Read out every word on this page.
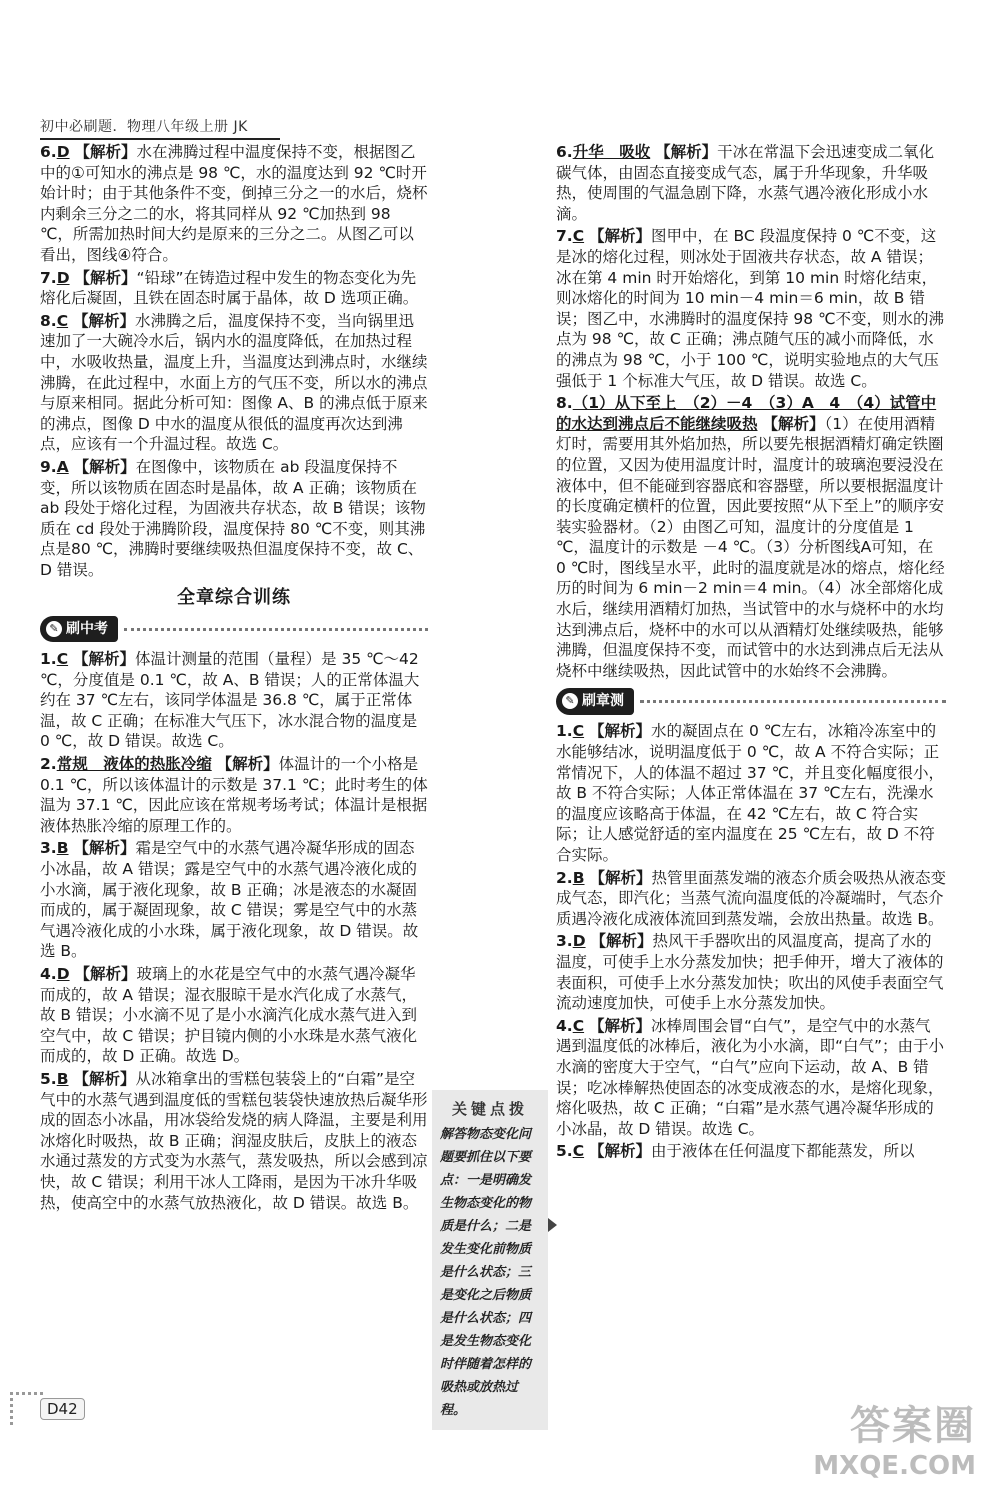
初中必刷题．物理八年级上册 JK
6.D 【解析】水在沸腾过程中温度保持不变，根据图乙中的①可知水的沸点是 98 ℃，水的温度达到 92 ℃时开始计时；由于其他条件不变，倒掉三分之一的水后，烧杯内剩余三分之二的水，将其同样从 92 ℃加热到 98 ℃，所需加热时间大约是原来的三分之二。从图乙可以看出，图线④符合。
7.D 【解析】“铅球”在铸造过程中发生的物态变化为先熔化后凝固，且铁在固态时属于晶体，故 D 选项正确。
8.C 【解析】水沸腾之后，温度保持不变，当向锅里迅速加了一大碗冷水后，锅内水的温度降低，在加热过程中，水吸收热量，温度上升，当温度达到沸点时，水继续沸腾，在此过程中，水面上方的气压不变，所以水的沸点与原来相同。据此分析可知：图像 A、B 的沸点低于原来的沸点，图像 D 中水的温度从很低的温度再次达到沸点，应该有一个升温过程。故选 C。
9.A 【解析】在图像中，该物质在 ab 段温度保持不变，所以该物质在固态时是晶体，故 A 正确；该物质在 ab 段处于熔化过程，为固液共存状态，故 B 错误；该物质在 cd 段处于沸腾阶段，温度保持 80 ℃不变，则其沸点是80 ℃，沸腾时要继续吸热但温度保持不变，故 C、D 错误。
全章综合训练
✎ 刷中考
1.C 【解析】体温计测量的范围（量程）是 35 ℃～42 ℃，分度值是 0.1 ℃，故 A、B 错误；人的正常体温大约在 37 ℃左右，该同学体温是 36.8 ℃，属于正常体温，故 C 正确；在标准大气压下，冰水混合物的温度是 0 ℃，故 D 错误。故选 C。
2.常规　液体的热胀冷缩 【解析】体温计的一个小格是0.1 ℃，所以该体温计的示数是 37.1 ℃；此时考生的体温为 37.1 ℃，因此应该在常规考场考试；体温计是根据液体热胀冷缩的原理工作的。
3.B 【解析】霜是空气中的水蒸气遇冷凝华形成的固态小冰晶，故 A 错误；露是空气中的水蒸气遇冷液化成的小水滴，属于液化现象，故 B 正确；冰是液态的水凝固而成的，属于凝固现象，故 C 错误；雾是空气中的水蒸气遇冷液化成的小水珠，属于液化现象，故 D 错误。故选 B。
4.D 【解析】玻璃上的水花是空气中的水蒸气遇冷凝华而成的，故 A 错误；湿衣服晾干是水汽化成了水蒸气，故 B 错误；小水滴不见了是小水滴汽化成水蒸气进入到空气中，故 C 错误；护目镜内侧的小水珠是水蒸气液化而成的，故 D 正确。故选 D。
5.B 【解析】从冰箱拿出的雪糕包装袋上的“白霜”是空气中的水蒸气遇到温度低的雪糕包装袋快速放热后凝华形成的固态小冰晶，用冰袋给发烧的病人降温，主要是利用冰熔化时吸热，故 B 正确；润湿皮肤后，皮肤上的液态水通过蒸发的方式变为水蒸气，蒸发吸热，所以会感到凉快，故 C 错误；利用干冰人工降雨，是因为干冰升华吸热，使高空中的水蒸气放热液化，故 D 错误。故选 B。
6.升华　吸收 【解析】干冰在常温下会迅速变成二氧化碳气体，由固态直接变成气态，属于升华现象，升华吸热，使周围的气温急剧下降，水蒸气遇冷液化形成小水滴。
7.C 【解析】图甲中，在 BC 段温度保持 0 ℃不变，这是冰的熔化过程，则冰处于固液共存状态，故 A 错误；冰在第 4 min 时开始熔化，到第 10 min 时熔化结束，则冰熔化的时间为 10 min－4 min＝6 min，故 B 错误；图乙中，水沸腾时的温度保持 98 ℃不变，则水的沸点为 98 ℃，故 C 正确；沸点随气压的减小而降低，水的沸点为 98 ℃，小于 100 ℃，说明实验地点的大气压强低于 1 个标准大气压，故 D 错误。故选 C。
8.（1）从下至上　（2）－4　（3）A　4　（4）试管中的水达到沸点后不能继续吸热 【解析】（1）在使用酒精灯时，需要用其外焰加热，所以要先根据酒精灯确定铁圈的位置，又因为使用温度计时，温度计的玻璃泡要浸没在液体中，但不能碰到容器底和容器壁，所以要根据温度计的长度确定横杆的位置，因此要按照“从下至上”的顺序安装实验器材。（2）由图乙可知，温度计的分度值是 1 ℃，温度计的示数是 －4 ℃。（3）分析图线A可知，在 0 ℃时，图线呈水平，此时的温度就是冰的熔点，熔化经历的时间为 6 min－2 min＝4 min。（4）冰全部熔化成水后，继续用酒精灯加热，当试管中的水与烧杯中的水均达到沸点后，烧杯中的水可以从酒精灯处继续吸热，能够沸腾，但温度保持不变，而试管中的水达到沸点后无法从烧杯中继续吸热，因此试管中的水始终不会沸腾。
✎ 刷章测
1.C 【解析】水的凝固点在 0 ℃左右，冰箱冷冻室中的水能够结冰，说明温度低于 0 ℃，故 A 不符合实际；正常情况下，人的体温不超过 37 ℃，并且变化幅度很小，故 B 不符合实际；人体正常体温在 37 ℃左右，洗澡水的温度应该略高于体温，在 42 ℃左右，故 C 符合实际；让人感觉舒适的室内温度在 25 ℃左右，故 D 不符合实际。
2.B 【解析】热管里面蒸发端的液态介质会吸热从液态变成气态，即汽化；当蒸气流向温度低的冷凝端时，气态介质遇冷液化成液体流回到蒸发端，会放出热量。故选 B。
3.D 【解析】热风干手器吹出的风温度高，提高了水的温度，可使手上水分蒸发加快；把手伸开，增大了液体的表面积，可使手上水分蒸发加快；吹出的风使手表面空气流动速度加快，可使手上水分蒸发加快。
4.C 【解析】冰棒周围会冒“白气”，是空气中的水蒸气遇到温度低的冰棒后，液化为小水滴，即“白气”；由于小水滴的密度大于空气，“白气”应向下运动，故 A、B 错误；吃冰棒解热使固态的冰变成液态的水，是熔化现象，熔化吸热，故 C 正确；“白霜”是水蒸气遇冷凝华形成的小冰晶，故 D 错误。故选 C。
5.C 【解析】由于液体在任何温度下都能蒸发，所以
关键点拨
解答物态变化问题要抓住以下要点：一是明确发生物态变化的物质是什么；二是发生变化前物质是什么状态；三是变化之后物质是什么状态；四是发生物态变化时伴随着怎样的吸热或放热过程。
D42	答案圈
MXQE.COM
